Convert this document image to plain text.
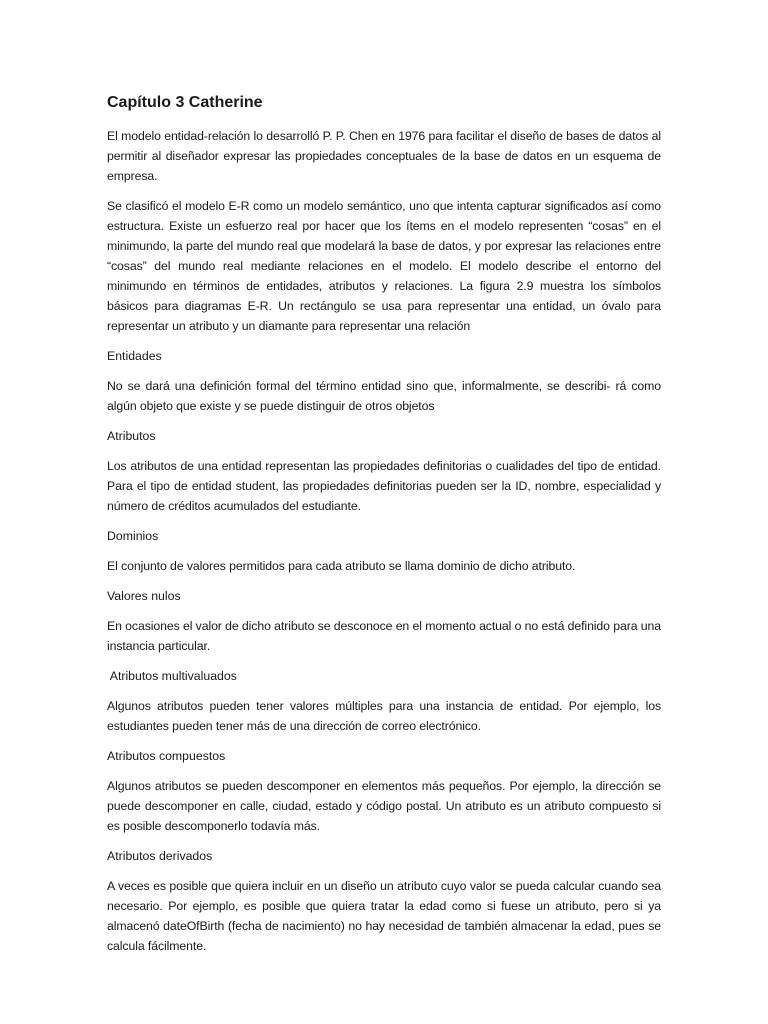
Capítulo 3 Catherine

El modelo entidad-relación lo desarrolló P. P. Chen en 1976 para facilitar el diseño de bases de datos al permitir al diseñador expresar las propiedades conceptuales de la base de datos en un esquema de empresa.

Se clasificó el modelo E-R como un modelo semántico, uno que intenta capturar significados así como estructura. Existe un esfuerzo real por hacer que los ítems en el modelo representen “cosas” en el minimundo, la parte del mundo real que modelará la base de datos, y por expresar las relaciones entre “cosas” del mundo real mediante relaciones en el modelo. El modelo describe el entorno del minimundo en términos de entidades, atributos y relaciones. La figura 2.9 muestra los símbolos básicos para diagramas E-R. Un rectángulo se usa para representar una entidad, un óvalo para representar un atributo y un diamante para representar una relación

Entidades

No se dará una definición formal del término entidad sino que, informalmente, se describi- rá como algún objeto que existe y se puede distinguir de otros objetos

Atributos

Los atributos de una entidad representan las propiedades definitorias o cualidades del tipo de entidad. Para el tipo de entidad student, las propiedades definitorias pueden ser la ID, nombre, especialidad y número de créditos acumulados del estudiante.

Dominios

El conjunto de valores permitidos para cada atributo se llama dominio de dicho atributo.

Valores nulos

En ocasiones el valor de dicho atributo se desconoce en el momento actual o no está definido para una instancia particular.

Atributos multivaluados

Algunos atributos pueden tener valores múltiples para una instancia de entidad. Por ejemplo, los estudiantes pueden tener más de una dirección de correo electrónico.

Atributos compuestos

Algunos atributos se pueden descomponer en elementos más pequeños. Por ejemplo, la dirección se puede descomponer en calle, ciudad, estado y código postal. Un atributo es un atributo compuesto si es posible descomponerlo todavía más.

Atributos derivados

A veces es posible que quiera incluir en un diseño un atributo cuyo valor se pueda calcular cuando sea necesario. Por ejemplo, es posible que quiera tratar la edad como si fuese un atributo, pero si ya almacenó dateOfBirth (fecha de nacimiento) no hay necesidad de también almacenar la edad, pues se calcula fácilmente.
